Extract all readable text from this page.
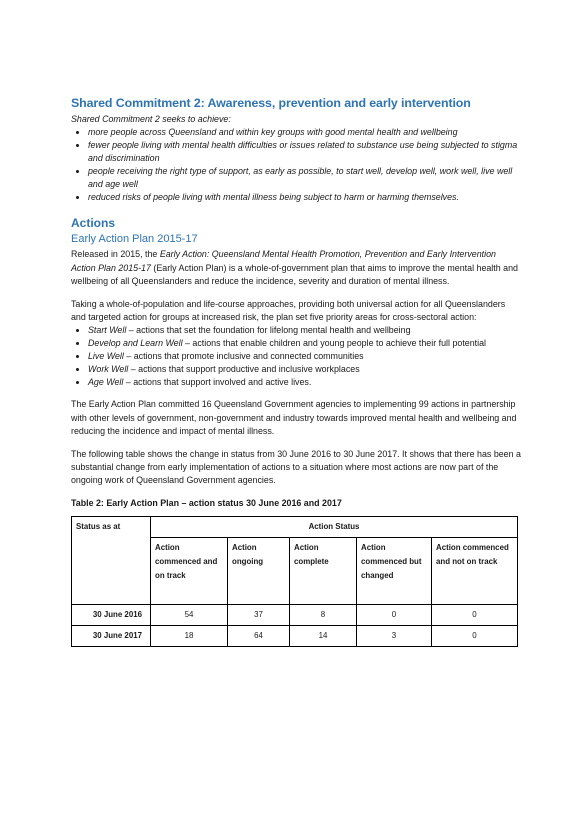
Shared Commitment 2: Awareness, prevention and early intervention
Shared Commitment 2 seeks to achieve:
• more people across Queensland and within key groups with good mental health and wellbeing
• fewer people living with mental health difficulties or issues related to substance use being subjected to stigma and discrimination
• people receiving the right type of support, as early as possible, to start well, develop well, work well, live well and age well
• reduced risks of people living with mental illness being subject to harm or harming themselves.
Actions
Early Action Plan 2015-17

Released in 2015, the Early Action: Queensland Mental Health Promotion, Prevention and Early Intervention Action Plan 2015-17 (Early Action Plan) is a whole-of-government plan that aims to improve the mental health and wellbeing of all Queenslanders and reduce the incidence, severity and duration of mental illness.

Taking a whole-of-population and life-course approaches, providing both universal action for all Queenslanders and targeted action for groups at increased risk, the plan set five priority areas for cross-sectoral action:

• Start Well – actions that set the foundation for lifelong mental health and wellbeing
• Develop and Learn Well – actions that enable children and young people to achieve their full potential
• Live Well – actions that promote inclusive and connected communities
• Work Well – actions that support productive and inclusive workplaces
• Age Well – actions that support involved and active lives.

The Early Action Plan committed 16 Queensland Government agencies to implementing 99 actions in partnership with other levels of government, non-government and industry towards improved mental health and wellbeing and reducing the incidence and impact of mental illness.

The following table shows the change in status from 30 June 2016 to 30 June 2017. It shows that there has been a substantial change from early implementation of actions to a situation where most actions are now part of the ongoing work of Queensland Government agencies.

Table 2: Early Action Plan – action status 30 June 2016 and 2017
Status as at	Action Status				
	Action commenced and on track	Action ongoing	Action complete	Action commenced but changed	Action commenced and not on track
30 June 2016	54	37	8	0	0
30 June 2017	18	64	14	3	0
